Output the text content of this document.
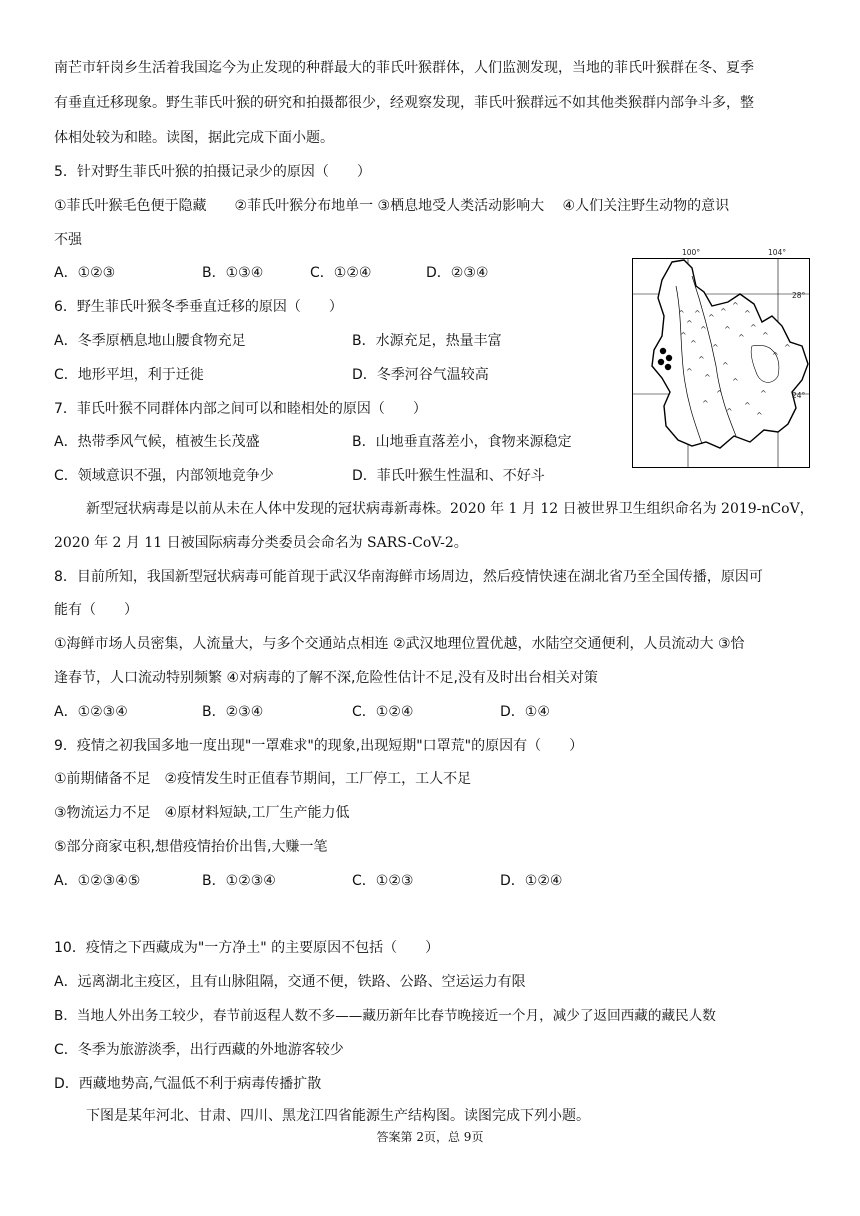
南芒市轩岗乡生活着我国迄今为止发现的种群最大的菲氏叶猴群体，人们监测发现，当地的菲氏叶猴群在冬、夏季
有垂直迁移现象。野生菲氏叶猴的研究和拍摄都很少，经观察发现，菲氏叶猴群远不如其他类猴群内部争斗多，整
体相处较为和睦。读图，据此完成下面小题。
5．针对野生菲氏叶猴的拍摄记录少的原因（　　）
①菲氏叶猴毛色便于隐藏　　②菲氏叶猴分布地单一 ③栖息地受人类活动影响大　 ④人们关注野生动物的意识
不强
A．①②③	B．①③④	C．①②④	D．②③④
6．野生菲氏叶猴冬季垂直迁移的原因（　　）
A．冬季原栖息地山腰食物充足	B．水源充足，热量丰富
C．地形平坦，利于迁徙	D．冬季河谷气温较高
7．菲氏叶猴不同群体内部之间可以和睦相处的原因（　　）
A．热带季风气候，植被生长茂盛	B．山地垂直落差小，食物来源稳定
C．领域意识不强，内部领地竞争少	D．菲氏叶猴生性温和、不好斗
^
^
^
^
^
^
^
^
^
^
^
^
^
^
^
^
^
^
^
^
^
^
^
^
^
^
^
^
100°	104°
28°
24°
新型冠状病毒是以前从未在人体中发现的冠状病毒新毒株。2020 年 1 月 12 日被世界卫生组织命名为 2019-nCoV，
2020 年 2 月 11 日被国际病毒分类委员会命名为 SARS-CoV-2。
8．目前所知，我国新型冠状病毒可能首现于武汉华南海鲜市场周边，然后疫情快速在湖北省乃至全国传播，原因可
能有（　　）
①海鲜市场人员密集，人流量大，与多个交通站点相连 ②武汉地理位置优越，水陆空交通便利，人员流动大 ③恰
逢春节，人口流动特别频繁 ④对病毒的了解不深,危险性估计不足,没有及时出台相关对策
A．①②③④	B．②③④	C．①②④	D．①④
9．疫情之初我国多地一度出现"一罩难求"的现象,出现短期"口罩荒"的原因有（　　）
①前期储备不足　②疫情发生时正值春节期间，工厂停工，工人不足
③物流运力不足　④原材料短缺,工厂生产能力低
⑤部分商家屯积,想借疫情抬价出售,大赚一笔
A．①②③④⑤	B．①②③④	C．①②③	D．①②④
10．疫情之下西藏成为"一方净土" 的主要原因不包括（　　）
A．远离湖北主疫区，且有山脉阻隔，交通不便，铁路、公路、空运运力有限
B．当地人外出务工较少，春节前返程人数不多——藏历新年比春节晚接近一个月，减少了返回西藏的藏民人数
C．冬季为旅游淡季，出行西藏的外地游客较少
D．西藏地势高,气温低不利于病毒传播扩散
下图是某年河北、甘肃、四川、黑龙江四省能源生产结构图。读图完成下列小题。
答案第 2页，总 9页
